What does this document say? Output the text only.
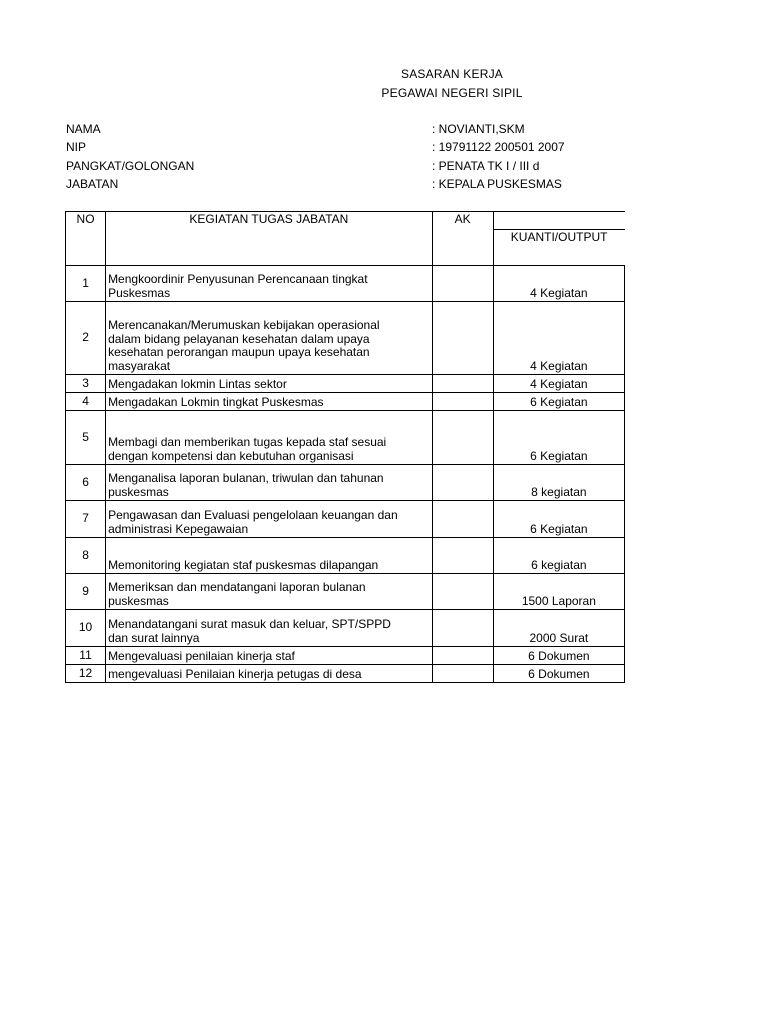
SASARAN KERJA
PEGAWAI NEGERI SIPIL
NAMA	: NOVIANTI,SKM
NIP	: 19791122 200501 2007
PANGKAT/GOLONGAN	: PENATA TK I / III d
JABATAN	: KEPALA PUSKESMAS
NO	KEGIATAN TUGAS JABATAN	AK	
			KUANTI/OUTPUT
1	Mengkoordinir Penyusunan Perencanaan tingkat
Puskesmas		4 Kegiatan
2	Merencanakan/Merumuskan kebijakan operasional
dalam bidang pelayanan kesehatan dalam upaya
kesehatan perorangan maupun upaya kesehatan
masyarakat		4 Kegiatan
3	Mengadakan lokmin Lintas sektor		4 Kegiatan
4	Mengadakan Lokmin tingkat Puskesmas		6 Kegiatan
5	Membagi dan memberikan tugas kepada staf sesuai
dengan kompetensi dan kebutuhan organisasi		6 Kegiatan
6	Menganalisa laporan bulanan, triwulan dan tahunan
puskesmas		8 kegiatan
7	Pengawasan dan Evaluasi pengelolaan keuangan dan
administrasi Kepegawaian		6 Kegiatan
8	Memonitoring kegiatan staf puskesmas dilapangan		6 kegiatan
9	Memeriksan dan mendatangani laporan bulanan
puskesmas		1500 Laporan
10	Menandatangani surat masuk dan keluar, SPT/SPPD
dan surat lainnya		2000 Surat
11	Mengevaluasi penilaian kinerja staf		6 Dokumen
12	mengevaluasi Penilaian kinerja petugas di desa		6 Dokumen
